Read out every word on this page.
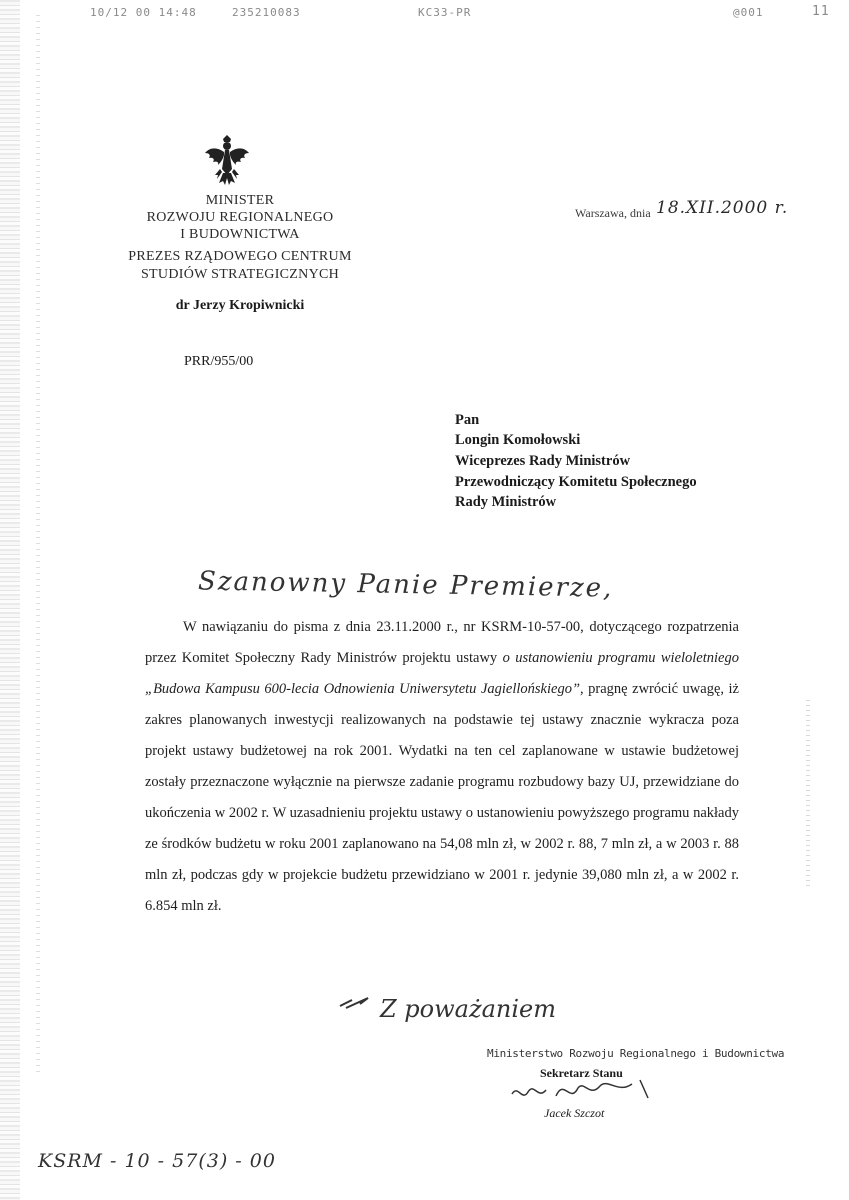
10/12 00 14:48	235210083	KC33-PR	@001	11
MINISTER
ROZWOJU REGIONALNEGO
I BUDOWNICTWA
PREZES RZĄDOWEGO CENTRUM
STUDIÓW STRATEGICZNYCH
dr Jerzy Kropiwnicki
PRR/955/00
Warszawa, dnia 18.XII.2000 r.
Pan
Longin Komołowski
Wiceprezes Rady Ministrów
Przewodniczący Komitetu Społecznego
Rady Ministrów
Szanowny Panie Premierze,

W nawiązaniu do pisma z dnia 23.11.2000 r., nr KSRM-10-57-00, dotyczącego rozpatrzenia przez Komitet Społeczny Rady Ministrów projektu ustawy o ustanowieniu programu wieloletniego „Budowa Kampusu 600-lecia Odnowienia Uniwersytetu Jagiellońskiego”, pragnę zwrócić uwagę, iż zakres planowanych inwestycji realizowanych na podstawie tej ustawy znacznie wykracza poza projekt ustawy budżetowej na rok 2001. Wydatki na ten cel zaplanowane w ustawie budżetowej zostały przeznaczone wyłącznie na pierwsze zadanie programu rozbudowy bazy UJ, przewidziane do ukończenia w 2002 r. W uzasadnieniu projektu ustawy o ustanowieniu powyższego programu nakłady ze środków budżetu w roku 2001 zaplanowano na 54,08 mln zł, w 2002 r. 88, 7 mln zł, a w 2003 r. 88 mln zł, podczas gdy w projekcie budżetu przewidziano w 2001 r. jedynie 39,080 mln zł, a w 2002 r. 6.854 mln zł.

Z poważaniem
Ministerstwo Rozwoju Regionalnego i Budownictwa
Sekretarz Stanu
Jacek Szczot
KSRM - 10 - 57(3) - 00
